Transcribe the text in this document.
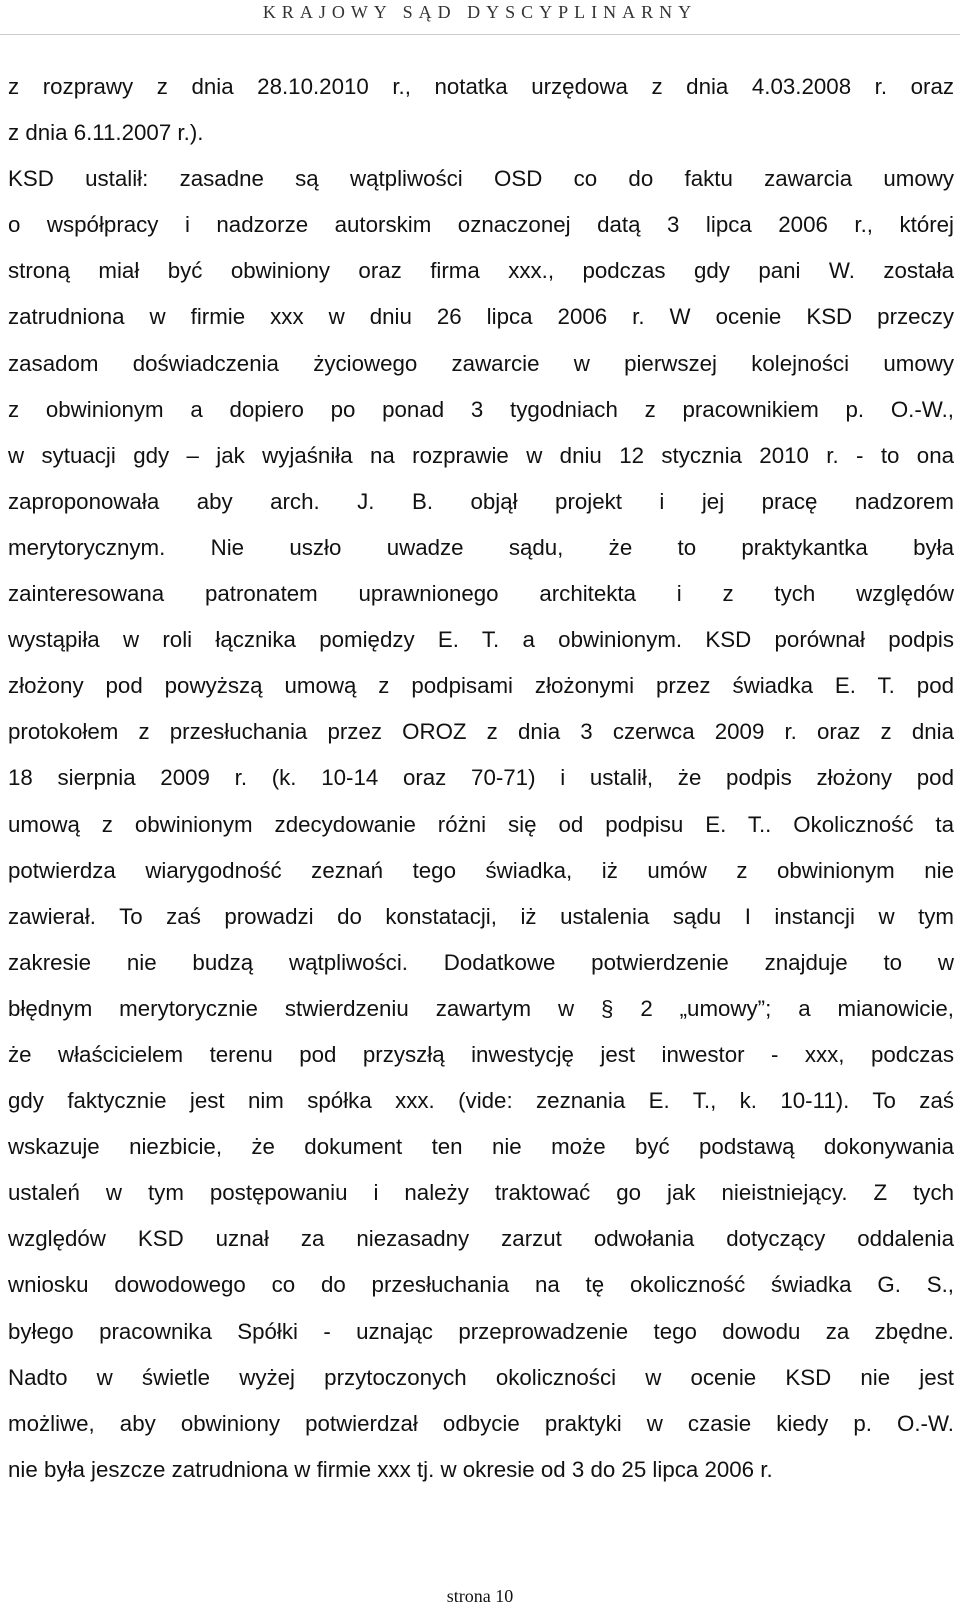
KRAJOWY SĄD DYSCYPLINARNY
z rozprawy z dnia 28.10.2010 r., notatka urzędowa z dnia 4.03.2008 r. oraz
z dnia 6.11.2007 r.).
KSD ustalił: zasadne są wątpliwości OSD co do faktu zawarcia umowy
o współpracy i nadzorze autorskim oznaczonej datą 3 lipca 2006 r., której
stroną miał być obwiniony oraz firma xxx., podczas gdy pani W. została
zatrudniona w firmie xxx w dniu 26 lipca 2006 r. W ocenie KSD przeczy
zasadom doświadczenia życiowego zawarcie w pierwszej kolejności umowy
z obwinionym a dopiero po ponad 3 tygodniach z pracownikiem p. O.-W.,
w sytuacji gdy – jak wyjaśniła na rozprawie w dniu 12 stycznia 2010 r. - to ona
zaproponowała aby arch. J. B. objął projekt i jej pracę nadzorem
merytorycznym. Nie uszło uwadze sądu, że to praktykantka była
zainteresowana patronatem uprawnionego architekta i z tych względów
wystąpiła w roli łącznika pomiędzy E. T. a obwinionym. KSD porównał podpis
złożony pod powyższą umową z podpisami złożonymi przez świadka E. T. pod
protokołem z przesłuchania przez OROZ z dnia 3 czerwca 2009 r. oraz z dnia
18 sierpnia 2009 r. (k. 10-14 oraz 70-71) i ustalił, że podpis złożony pod
umową z obwinionym zdecydowanie różni się od podpisu E. T.. Okoliczność ta
potwierdza wiarygodność zeznań tego świadka, iż umów z obwinionym nie
zawierał. To zaś prowadzi do konstatacji, iż ustalenia sądu I instancji w tym
zakresie nie budzą wątpliwości. Dodatkowe potwierdzenie znajduje to w
błędnym merytorycznie stwierdzeniu zawartym w § 2 „umowy”; a mianowicie,
że właścicielem terenu pod przyszłą inwestycję jest inwestor - xxx, podczas
gdy faktycznie jest nim spółka xxx. (vide: zeznania E. T., k. 10-11). To zaś
wskazuje niezbicie, że dokument ten nie może być podstawą dokonywania
ustaleń w tym postępowaniu i należy traktować go jak nieistniejący. Z tych
względów KSD uznał za niezasadny zarzut odwołania dotyczący oddalenia
wniosku dowodowego co do przesłuchania na tę okoliczność świadka G. S.,
byłego pracownika Spółki - uznając przeprowadzenie tego dowodu za zbędne.
Nadto w świetle wyżej przytoczonych okoliczności w ocenie KSD nie jest
możliwe, aby obwiniony potwierdzał odbycie praktyki w czasie kiedy p. O.-W.
nie była jeszcze zatrudniona w firmie xxx tj. w okresie od 3 do 25 lipca 2006 r.
strona 10
